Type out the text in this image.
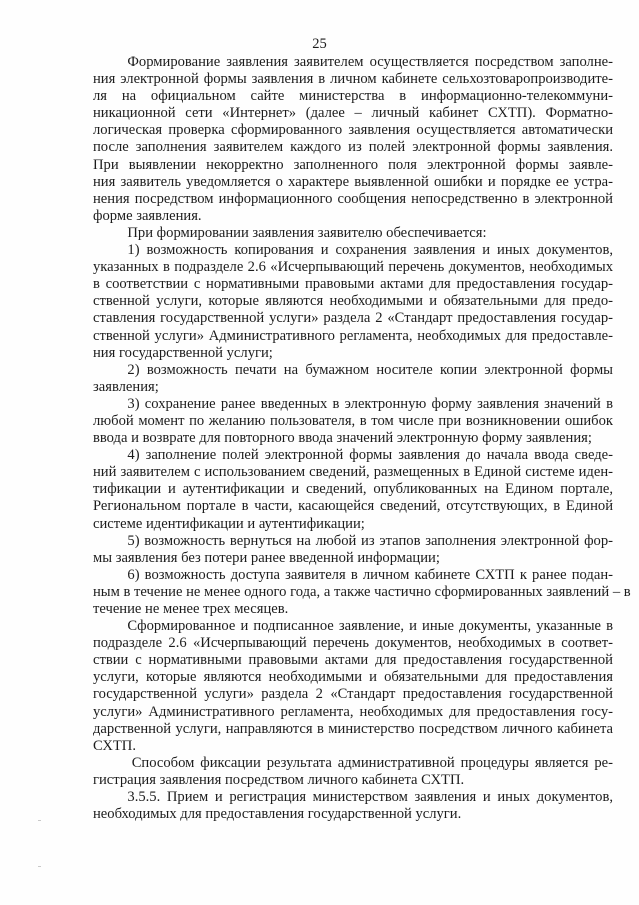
25
Формирование заявления заявителем осуществляется посредством заполне-
ния электронной формы заявления в личном кабинете сельхозтоваропроизводите-
ля на официальном сайте министерства в информационно-телекоммуни-
никационной сети «Интернет» (далее – личный кабинет СХТП). Форматно-
логическая проверка сформированного заявления осуществляется автоматически
после заполнения заявителем каждого из полей электронной формы заявления.
При выявлении некорректно заполненного поля электронной формы заявле-
ния заявитель уведомляется о характере выявленной ошибки и порядке ее устра-
нения посредством информационного сообщения непосредственно в электронной
форме заявления.
При формировании заявления заявителю обеспечивается:
1) возможность копирования и сохранения заявления и иных документов,
указанных в подразделе 2.6 «Исчерпывающий перечень документов, необходимых
в соответствии с нормативными правовыми актами для предоставления государ-
ственной услуги, которые являются необходимыми и обязательными для предо-
ставления государственной услуги» раздела 2 «Стандарт предоставления государ-
ственной услуги» Административного регламента, необходимых для предоставле-
ния государственной услуги;
2) возможность печати на бумажном носителе копии электронной формы
заявления;
3) сохранение ранее введенных в электронную форму заявления значений в
любой момент по желанию пользователя, в том числе при возникновении ошибок
ввода и возврате для повторного ввода значений электронную форму заявления;
4) заполнение полей электронной формы заявления до начала ввода сведе-
ний заявителем с использованием сведений, размещенных в Единой системе иден-
тификации и аутентификации и сведений, опубликованных на Едином портале,
Региональном портале в части, касающейся сведений, отсутствующих, в Единой
системе идентификации и аутентификации;
5) возможность вернуться на любой из этапов заполнения электронной фор-
мы заявления без потери ранее введенной информации;
6) возможность доступа заявителя в личном кабинете СХТП к ранее подан-
ным в течение не менее одного года, а также частично сформированных заявлений – в
течение не менее трех месяцев.
Сформированное и подписанное заявление, и иные документы, указанные в
подразделе 2.6 «Исчерпывающий перечень документов, необходимых в соответ-
ствии с нормативными правовыми актами для предоставления государственной
услуги, которые являются необходимыми и обязательными для предоставления
государственной услуги» раздела 2 «Стандарт предоставления государственной
услуги» Административного регламента, необходимых для предоставления госу-
дарственной услуги, направляются в министерство посредством личного кабинета
СХТП.
Способом фиксации результата административной процедуры является ре-
гистрация заявления посредством личного кабинета СХТП.
3.5.5. Прием и регистрация министерством заявления и иных документов,
необходимых для предоставления государственной услуги.
